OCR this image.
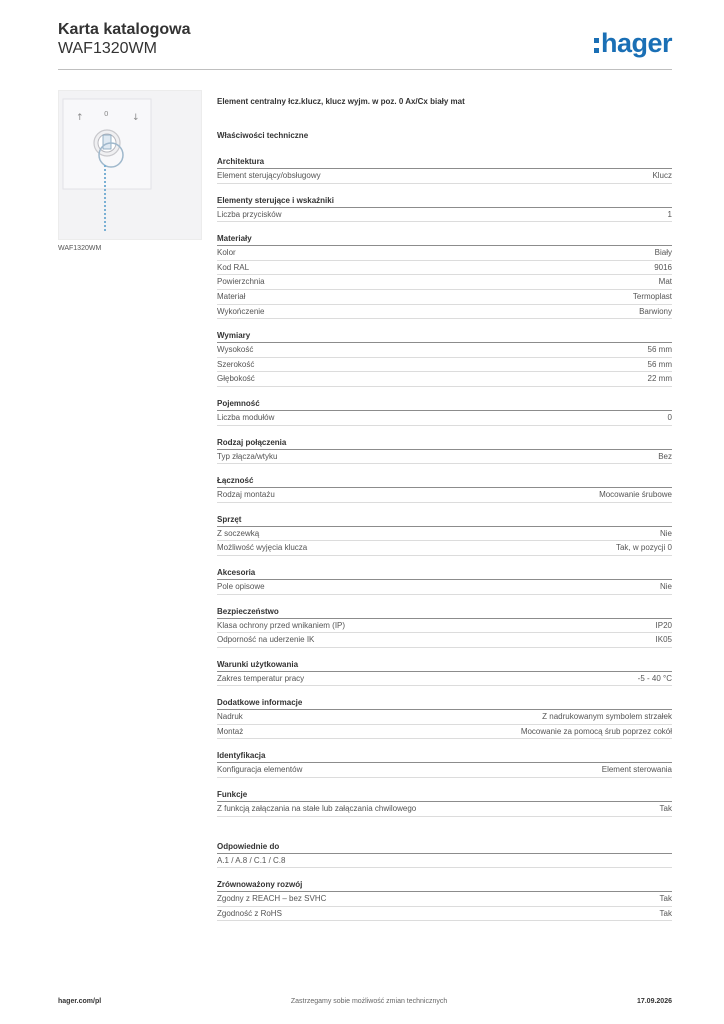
Karta katalogowa
WAF1320WM	hager
↑	0	↓
WAF1320WM
Element centralny łcz.klucz, klucz wyjm. w poz. 0 Ax/Cx biały mat
Właściwości techniczne
Architektura
Element sterujący/obsługowy	Klucz
Elementy sterujące i wskaźniki
Liczba przycisków	1
Materiały
Kolor	Biały
Kod RAL	9016
Powierzchnia	Mat
Materiał	Termoplast
Wykończenie	Barwiony
Wymiary
Wysokość	56 mm
Szerokość	56 mm
Głębokość	22 mm
Pojemność
Liczba modułów	0
Rodzaj połączenia
Typ złącza/wtyku	Bez
Łączność
Rodzaj montażu	Mocowanie śrubowe
Sprzęt
Z soczewką	Nie
Możliwość wyjęcia klucza	Tak, w pozycji 0
Akcesoria
Pole opisowe	Nie
Bezpieczeństwo
Klasa ochrony przed wnikaniem (IP)	IP20
Odporność na uderzenie IK	IK05
Warunki użytkowania
Zakres temperatur pracy	-5 - 40 °C
Dodatkowe informacje
Nadruk	Z nadrukowanym symbolem strzałek
Montaż	Mocowanie za pomocą śrub poprzez cokół
Identyfikacja
Konfiguracja elementów	Element sterowania
Funkcje
Z funkcją załączania na stałe lub załączania chwilowego	Tak
Odpowiednie do
A.1 / A.8 / C.1 / C.8
Zrównoważony rozwój
Zgodny z REACH – bez SVHC	Tak
Zgodność z RoHS	Tak
hager.com/pl	Zastrzegamy sobie możliwość zmian technicznych	17.09.2026
